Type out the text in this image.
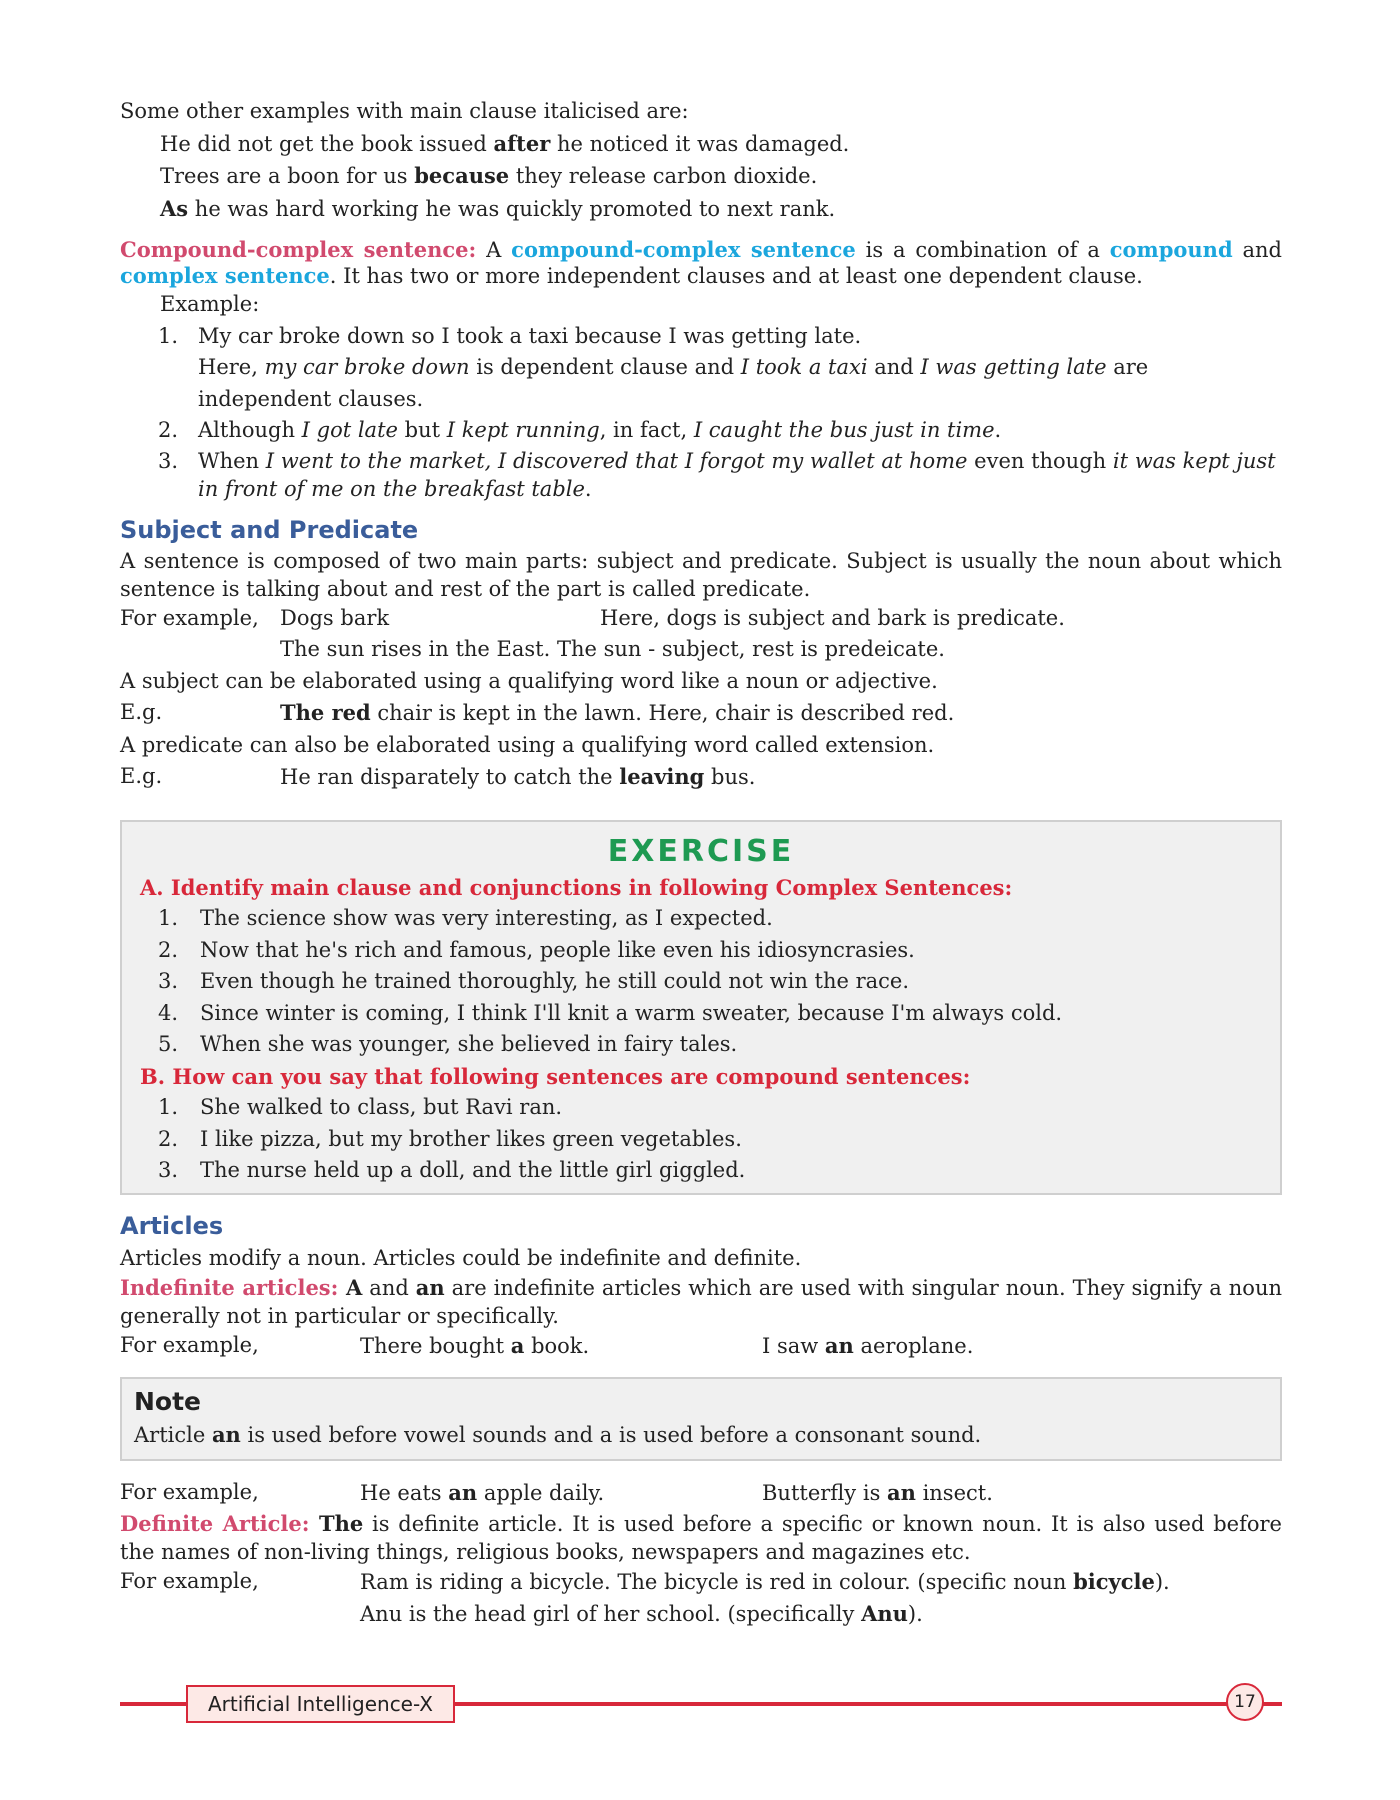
Some other examples with main clause italicised are:

He did not get the book issued after he noticed it was damaged.

Trees are a boon for us because they release carbon dioxide.

As he was hard working he was quickly promoted to next rank.

Compound-complex sentence: A compound-complex sentence is a combination of a compound and complex sentence. It has two or more independent clauses and at least one dependent clause.

Example:

1. My car broke down so I took a taxi because I was getting late.
Here, my car broke down is dependent clause and I took a taxi and I was getting late are independent clauses.
2. Although I got late but I kept running, in fact, I caught the bus just in time.
3. When I went to the market, I discovered that I forgot my wallet at home even though it was kept just in front of me on the breakfast table.
Subject and Predicate

A sentence is composed of two main parts: subject and predicate. Subject is usually the noun about which sentence is talking about and rest of the part is called predicate.

For example,	Dogs bark	Here, dogs is subject and bark is predicate.
The sun rises in the East. The sun - subject, rest is predeicate.

A subject can be elaborated using a qualifying word like a noun or adjective.

E.g.	The red chair is kept in the lawn. Here, chair is described red.

A predicate can also be elaborated using a qualifying word called extension.

E.g.	He ran disparately to catch the leaving bus.
EXERCISE

A. Identify main clause and conjunctions in following Complex Sentences:

1. The science show was very interesting, as I expected.
2. Now that he's rich and famous, people like even his idiosyncrasies.
3. Even though he trained thoroughly, he still could not win the race.
4. Since winter is coming, I think I'll knit a warm sweater, because I'm always cold.
5. When she was younger, she believed in fairy tales.

B. How can you say that following sentences are compound sentences:

1. She walked to class, but Ravi ran.
2. I like pizza, but my brother likes green vegetables.
3. The nurse held up a doll, and the little girl giggled.
Articles

Articles modify a noun. Articles could be indefinite and definite.

Indefinite articles: A and an are indefinite articles which are used with singular noun. They signify a noun generally not in particular or specifically.

For example,	There bought a book.	I saw an aeroplane.
Note

Article an is used before vowel sounds and a is used before a consonant sound.

For example,	He eats an apple daily.	Butterfly is an insect.

Definite Article: The is definite article. It is used before a specific or known noun. It is also used before the names of non-living things, religious books, newspapers and magazines etc.

For example,	Ram is riding a bicycle. The bicycle is red in colour. (specific noun bicycle).
Anu is the head girl of her school. (specifically Anu).
Artificial Intelligence-X	17
